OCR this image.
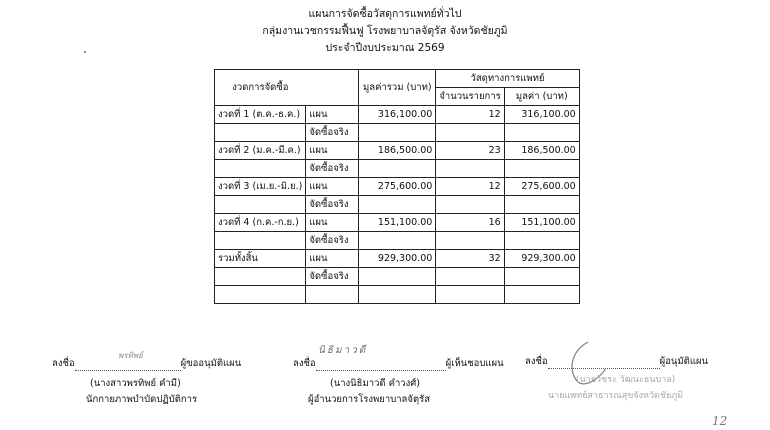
แผนการจัดซื้อวัสดุการแพทย์ทั่วไป
กลุ่มงานเวชกรรมฟื้นฟู โรงพยาบาลจัตุรัส จังหวัดชัยภูมิ
ประจำปีงบประมาณ 2569
งวดการจัดซื้อ		มูลค่ารวม (บาท)	วัสดุทางการแพทย์	
			จำนวนรายการ	มูลค่า (บาท)
งวดที่ 1 (ต.ค.-ธ.ค.)	แผน	316,100.00	12	316,100.00
	จัดซื้อจริง			
งวดที่ 2 (ม.ค.-มี.ค.)	แผน	186,500.00	23	186,500.00
	จัดซื้อจริง			
งวดที่ 3 (เม.ย.-มิ.ย.)	แผน	275,600.00	12	275,600.00
	จัดซื้อจริง			
งวดที่ 4 (ก.ค.-ก.ย.)	แผน	151,100.00	16	151,100.00
	จัดซื้อจริง			
รวมทั้งสิ้น	แผน	929,300.00	32	929,300.00
	จัดซื้อจริง			

ลงชื่อ	ผู้ขออนุมัติแผน
พรทิพย์
(นางสาวพรทิพย์ คำมี)
นักกายภาพบำบัดปฏิบัติการ
ลงชื่อ	ผู้เห็นชอบแผน
นิธิมาวดี
(นางนิธิมาวดี คำวงศ์)
ผู้อำนวยการโรงพยาบาลจัตุรัส
ลงชื่อ	ผู้อนุมัติแผน
(นายวัชระ วัฒนะธนบาล)
นายแพทย์สาธารณสุขจังหวัดชัยภูมิ
12
